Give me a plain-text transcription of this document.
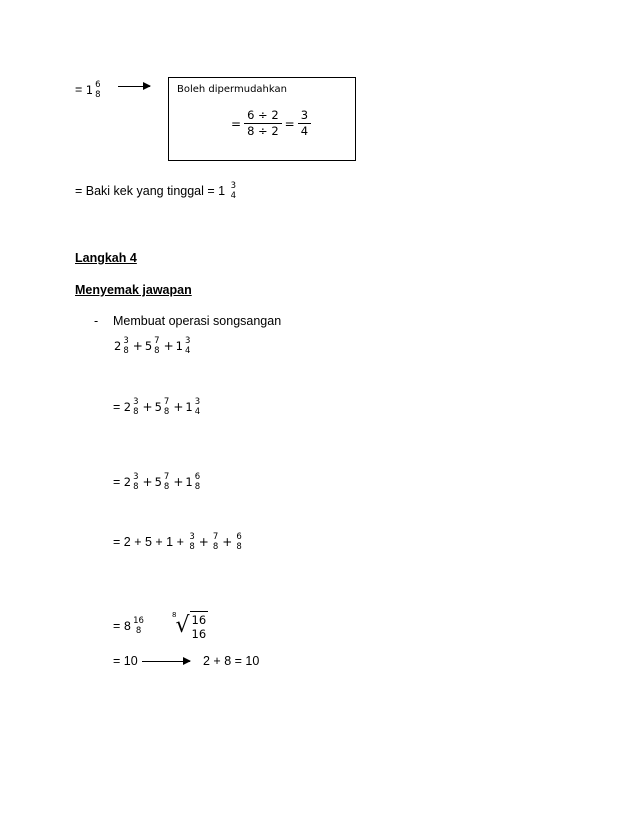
= 1 6
8	Boleh dipermudahkan
= $\frac{6 \div 2}{8 \div 2} = \frac{3}{4}$
= Baki kek yang tinggal = 1 3
4
Langkah 4
Menyemak jawapan
- Membuat operasi songsangan
2 3
8 + 5 7
8 + 1 3
4
= 2 3
8 + 5 7
8 + 1 3
4
= 2 3
8 + 5 7
8 + 1 6
8
= 2 + 5 + 1 + 3
8 + 7
8 + 6
8
= 8 16
8
8 √ 16
16
= 10	2 + 8 = 10
